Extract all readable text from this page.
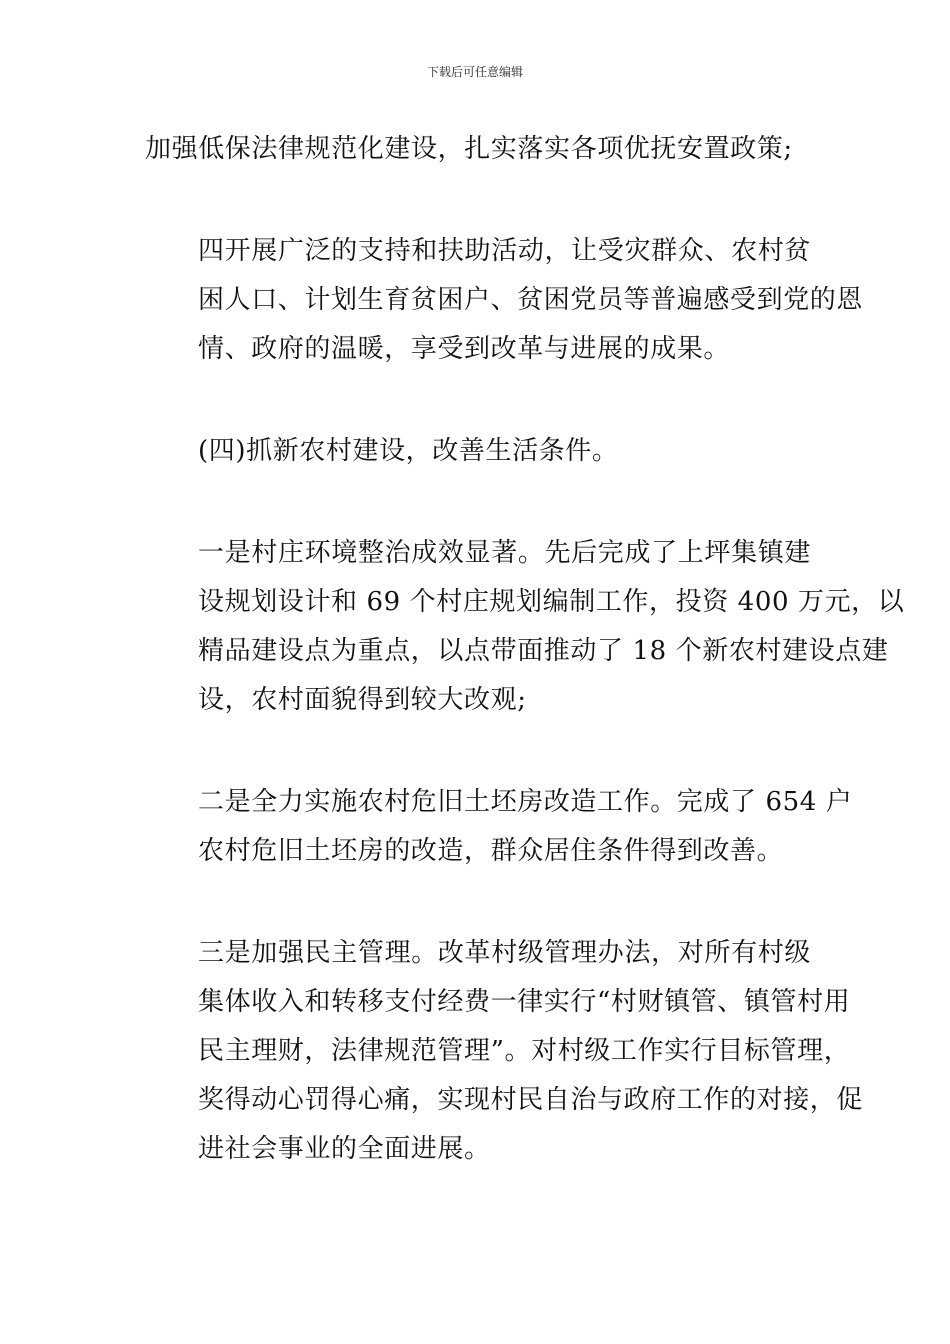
下载后可任意编辑

加强低保法律规范化建设，扎实落实各项优抚安置政策;

四开展广泛的支持和扶助活动，让受灾群众、农村贫
困人口、计划生育贫困户、贫困党员等普遍感受到党的恩
情、政府的温暖，享受到改革与进展的成果。

(四)抓新农村建设，改善生活条件。

一是村庄环境整治成效显著。先后完成了上坪集镇建
设规划设计和 69 个村庄规划编制工作，投资 400 万元，以
精品建设点为重点，以点带面推动了 18 个新农村建设点建
设，农村面貌得到较大改观;

二是全力实施农村危旧土坯房改造工作。完成了 654 户
农村危旧土坯房的改造，群众居住条件得到改善。

三是加强民主管理。改革村级管理办法，对所有村级
集体收入和转移支付经费一律实行“村财镇管、镇管村用
民主理财，法律规范管理”。对村级工作实行目标管理，
奖得动心罚得心痛，实现村民自治与政府工作的对接，促
进社会事业的全面进展。
